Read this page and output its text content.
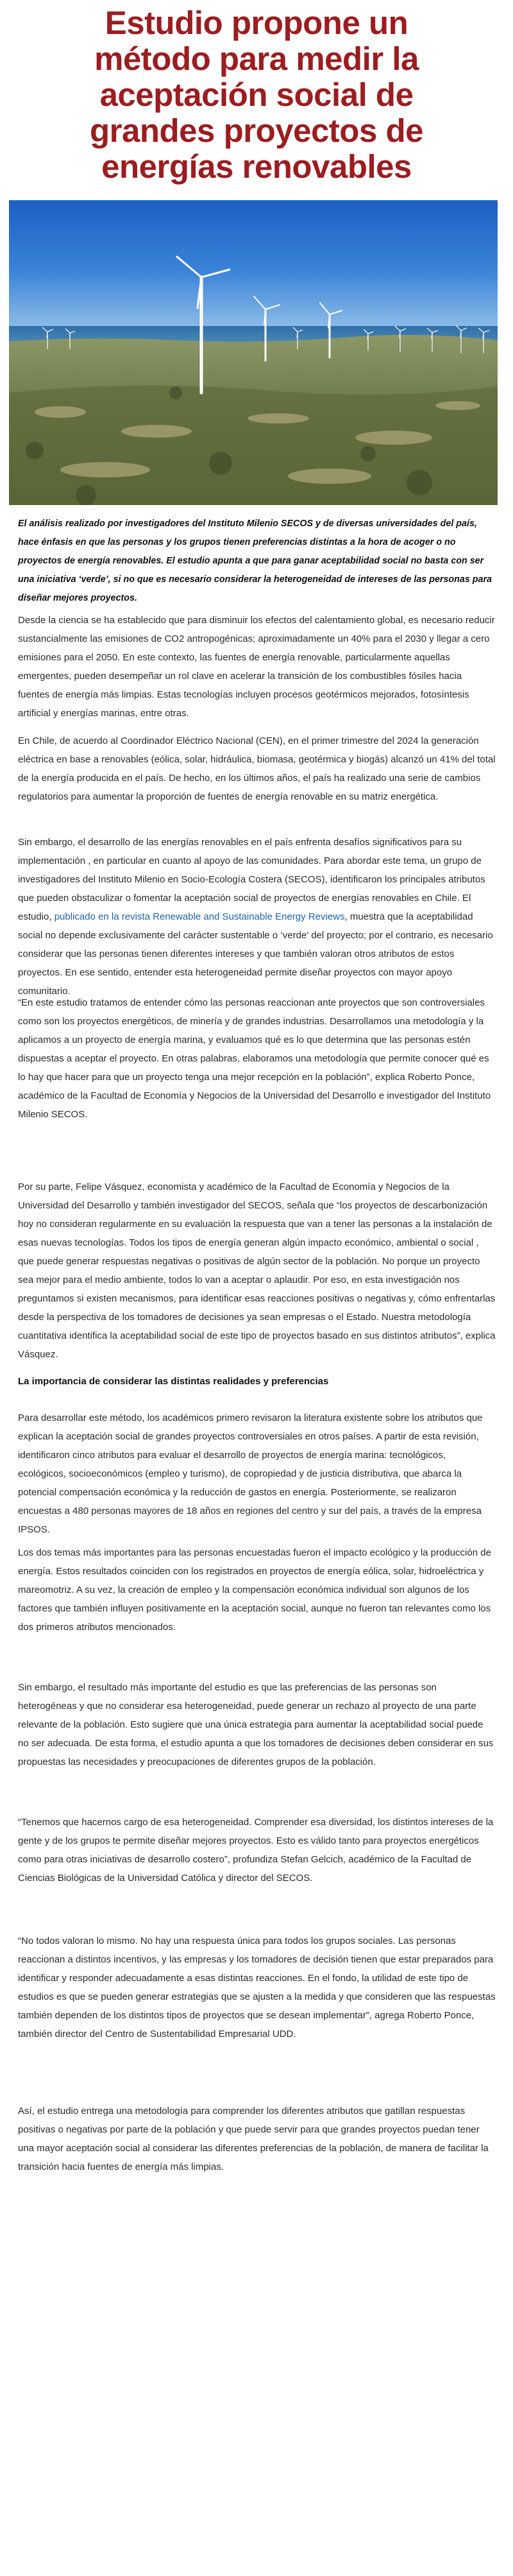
Estudio propone un método para medir la aceptación social de grandes proyectos de energías renovables

El análisis realizado por investigadores del Instituto Milenio SECOS y de diversas universidades del país, hace énfasis en que las personas y los grupos tienen preferencias distintas a la hora de acoger o no proyectos de energía renovables. El estudio apunta a que para ganar aceptabilidad social no basta con ser una iniciativa ‘verde’, si no que es necesario considerar la heterogeneidad de intereses de las personas para diseñar mejores proyectos.

Desde la ciencia se ha establecido que para disminuir los efectos del calentamiento global, es necesario reducir sustancialmente las emisiones de CO2 antropogénicas; aproximadamente un 40% para el 2030 y llegar a cero emisiones para el 2050. En este contexto, las fuentes de energía renovable, particularmente aquellas emergentes, pueden desempeñar un rol clave en acelerar la transición de los combustibles fósiles hacia fuentes de energía más limpias. Estas tecnologías incluyen procesos geotérmicos mejorados, fotosíntesis artificial y energías marinas, entre otras.

En Chile, de acuerdo al Coordinador Eléctrico Nacional (CEN), en el primer trimestre del 2024 la generación eléctrica en base a renovables (eólica, solar, hidráulica, biomasa, geotérmica y biogás) alcanzó un 41% del total de la energía producida en el país. De hecho, en los últimos años, el país ha realizado una serie de cambios regulatorios para aumentar la proporción de fuentes de energía renovable en su matriz energética.

Sin embargo, el desarrollo de las energías renovables en el país enfrenta desafíos significativos para su implementación , en particular en cuanto al apoyo de las comunidades. Para abordar este tema, un grupo de investigadores del Instituto Milenio en Socio-Ecología Costera (SECOS), identificaron los principales atributos que pueden obstaculizar o fomentar la aceptación social de proyectos de energías renovables en Chile. El estudio, publicado en la revista Renewable and Sustainable Energy Reviews, muestra que la aceptabilidad social no depende exclusivamente del carácter sustentable o ‘verde’ del proyecto; por el contrario, es necesario considerar que las personas tienen diferentes intereses y que también valoran otros atributos de estos proyectos. En ese sentido, entender esta heterogeneidad permite diseñar proyectos con mayor apoyo comunitario.

“En este estudio tratamos de entender cómo las personas reaccionan ante proyectos que son controversiales como son los proyectos energéticos, de minería y de grandes industrias. Desarrollamos una metodología y la aplicamos a un proyecto de energía marina, y evaluamos qué es lo que determina que las personas estén dispuestas a aceptar el proyecto. En otras palabras, elaboramos una metodología que permite conocer qué es lo hay que hacer para que un proyecto tenga una mejor recepción en la población”, explica Roberto Ponce, académico de la Facultad de Economía y Negocios de la Universidad del Desarrollo e investigador del Instituto Milenio SECOS.

Por su parte, Felipe Vásquez, economista y académico de la Facultad de Economía y Negocios de la Universidad del Desarrollo y también investigador del SECOS, señala que “los proyectos de descarbonización hoy no consideran regularmente en su evaluación la respuesta que van a tener las personas a la instalación de esas nuevas tecnologías. Todos los tipos de energía generan algún impacto económico, ambiental o social , que puede generar respuestas negativas o positivas de algún sector de la población. No porque un proyecto sea mejor para el medio ambiente, todos lo van a aceptar o aplaudir. Por eso, en esta investigación nos preguntamos si existen mecanismos, para identificar esas reacciones positivas o negativas y, cómo enfrentarlas desde la perspectiva de los tomadores de decisiones ya sean empresas o el Estado. Nuestra metodología cuantitativa identifica la aceptabilidad social de este tipo de proyectos basado en sus distintos atributos”, explica Vásquez.

La importancia de considerar las distintas realidades y preferencias

Para desarrollar este método, los académicos primero revisaron la literatura existente sobre los atributos que explican la aceptación social de grandes proyectos controversiales en otros países. A partir de esta revisión, identificaron cinco atributos para evaluar el desarrollo de proyectos de energía marina: tecnológicos, ecológicos, socioeconómicos (empleo y turismo), de copropiedad y de justicia distributiva, que abarca la potencial compensación económica y la reducción de gastos en energía. Posteriormente, se realizaron encuestas a 480 personas mayores de 18 años en regiones del centro y sur del país, a través de la empresa IPSOS.

Los dos temas más importantes para las personas encuestadas fueron el impacto ecológico y la producción de energía. Estos resultados coinciden con los registrados en proyectos de energía eólica, solar, hidroeléctrica y mareomotriz. A su vez, la creación de empleo y la compensación económica individual son algunos de los factores que también influyen positivamente en la aceptación social, aunque no fueron tan relevantes como los dos primeros atributos mencionados.

Sin embargo, el resultado más importante del estudio es que las preferencias de las personas son heterogéneas y que no considerar esa heterogeneidad, puede generar un rechazo al proyecto de una parte relevante de la población. Esto sugiere que una única estrategia para aumentar la aceptabilidad social puede no ser adecuada. De esta forma, el estudio apunta a que los tomadores de decisiones deben considerar en sus propuestas las necesidades y preocupaciones de diferentes grupos de la población.

“Tenemos que hacernos cargo de esa heterogeneidad. Comprender esa diversidad, los distintos intereses de la gente y de los grupos te permite diseñar mejores proyectos. Esto es válido tanto para proyectos energéticos como para otras iniciativas de desarrollo costero”, profundiza Stefan Gelcich, académico de la Facultad de Ciencias Biológicas de la Universidad Católica y director del SECOS.

“No todos valoran lo mismo. No hay una respuesta única para todos los grupos sociales. Las personas reaccionan a distintos incentivos, y las empresas y los tomadores de decisión tienen que estar preparados para identificar y responder adecuadamente a esas distintas reacciones. En el fondo, la utilidad de este tipo de estudios es que se pueden generar estrategias que se ajusten a la medida y que consideren que las respuestas también dependen de los distintos tipos de proyectos que se desean implementar”, agrega Roberto Ponce, también director del Centro de Sustentabilidad Empresarial UDD.

Así, el estudio entrega una metodología para comprender los diferentes atributos que gatillan respuestas positivas o negativas por parte de la población y que puede servir para que grandes proyectos puedan tener una mayor aceptación social al considerar las diferentes preferencias de la población, de manera de facilitar la transición hacia fuentes de energía más limpias.
